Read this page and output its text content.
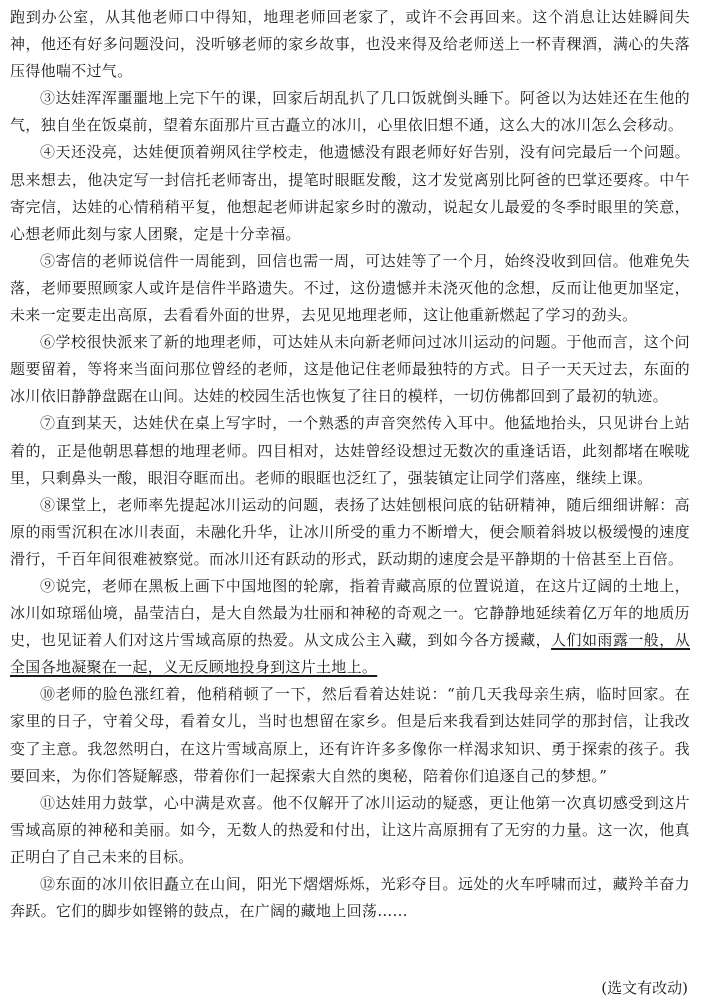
跑到办公室，从其他老师口中得知，地理老师回老家了，或许不会再回来。这个消息让达娃瞬间失神，他还有好多问题没问，没听够老师的家乡故事，也没来得及给老师送上一杯青稞酒，满心的失落压得他喘不过气。

③达娃浑浑噩噩地上完下午的课，回家后胡乱扒了几口饭就倒头睡下。阿爸以为达娃还在生他的气，独自坐在饭桌前，望着东面那片亘古矗立的冰川，心里依旧想不通，这么大的冰川怎么会移动。

④天还没亮，达娃便顶着朔风往学校走，他遗憾没有跟老师好好告别，没有问完最后一个问题。思来想去，他决定写一封信托老师寄出，提笔时眼眶发酸，这才发觉离别比阿爸的巴掌还要疼。中午寄完信，达娃的心情稍稍平复，他想起老师讲起家乡时的激动，说起女儿最爱的冬季时眼里的笑意，心想老师此刻与家人团聚，定是十分幸福。

⑤寄信的老师说信件一周能到，回信也需一周，可达娃等了一个月，始终没收到回信。他难免失落，老师要照顾家人或许是信件半路遗失。不过，这份遗憾并未浇灭他的念想，反而让他更加坚定，未来一定要走出高原，去看看外面的世界，去见见地理老师，这让他重新燃起了学习的劲头。

⑥学校很快派来了新的地理老师，可达娃从未向新老师问过冰川运动的问题。于他而言，这个问题要留着，等将来当面问那位曾经的老师，这是他记住老师最独特的方式。日子一天天过去，东面的冰川依旧静静盘踞在山间。达娃的校园生活也恢复了往日的模样，一切仿佛都回到了最初的轨迹。

⑦直到某天，达娃伏在桌上写字时，一个熟悉的声音突然传入耳中。他猛地抬头，只见讲台上站着的，正是他朝思暮想的地理老师。四目相对，达娃曾经设想过无数次的重逢话语，此刻都堵在喉咙里，只剩鼻头一酸，眼泪夺眶而出。老师的眼眶也泛红了，强装镇定让同学们落座，继续上课。

⑧课堂上，老师率先提起冰川运动的问题，表扬了达娃刨根问底的钻研精神，随后细细讲解：高原的雨雪沉积在冰川表面，未融化升华，让冰川所受的重力不断增大，便会顺着斜坡以极缓慢的速度滑行，千百年间很难被察觉。而冰川还有跃动的形式，跃动期的速度会是平静期的十倍甚至上百倍。

⑨说完，老师在黑板上画下中国地图的轮廓，指着青藏高原的位置说道，在这片辽阔的土地上，冰川如琼瑶仙境，晶莹洁白，是大自然最为壮丽和神秘的奇观之一。它静静地延续着亿万年的地质历史，也见证着人们对这片雪域高原的热爱。从文成公主入藏，到如今各方援藏，人们如雨露一般，从全国各地凝聚在一起，义无反顾地投身到这片土地上。

⑩老师的脸色涨红着，他稍稍顿了一下，然后看着达娃说：“前几天我母亲生病，临时回家。在家里的日子，守着父母，看着女儿，当时也想留在家乡。但是后来我看到达娃同学的那封信，让我改变了主意。我忽然明白，在这片雪域高原上，还有许许多多像你一样渴求知识、勇于探索的孩子。我要回来，为你们答疑解惑，带着你们一起探索大自然的奥秘，陪着你们追逐自己的梦想。”

⑪达娃用力鼓掌，心中满是欢喜。他不仅解开了冰川运动的疑惑，更让他第一次真切感受到这片雪域高原的神秘和美丽。如今，无数人的热爱和付出，让这片高原拥有了无穷的力量。这一次，他真正明白了自己未来的目标。

⑫东面的冰川依旧矗立在山间，阳光下熠熠烁烁，光彩夺目。远处的火车呼啸而过，藏羚羊奋力奔跃。它们的脚步如铿锵的鼓点，在广阔的藏地上回荡……

(选文有改动)
